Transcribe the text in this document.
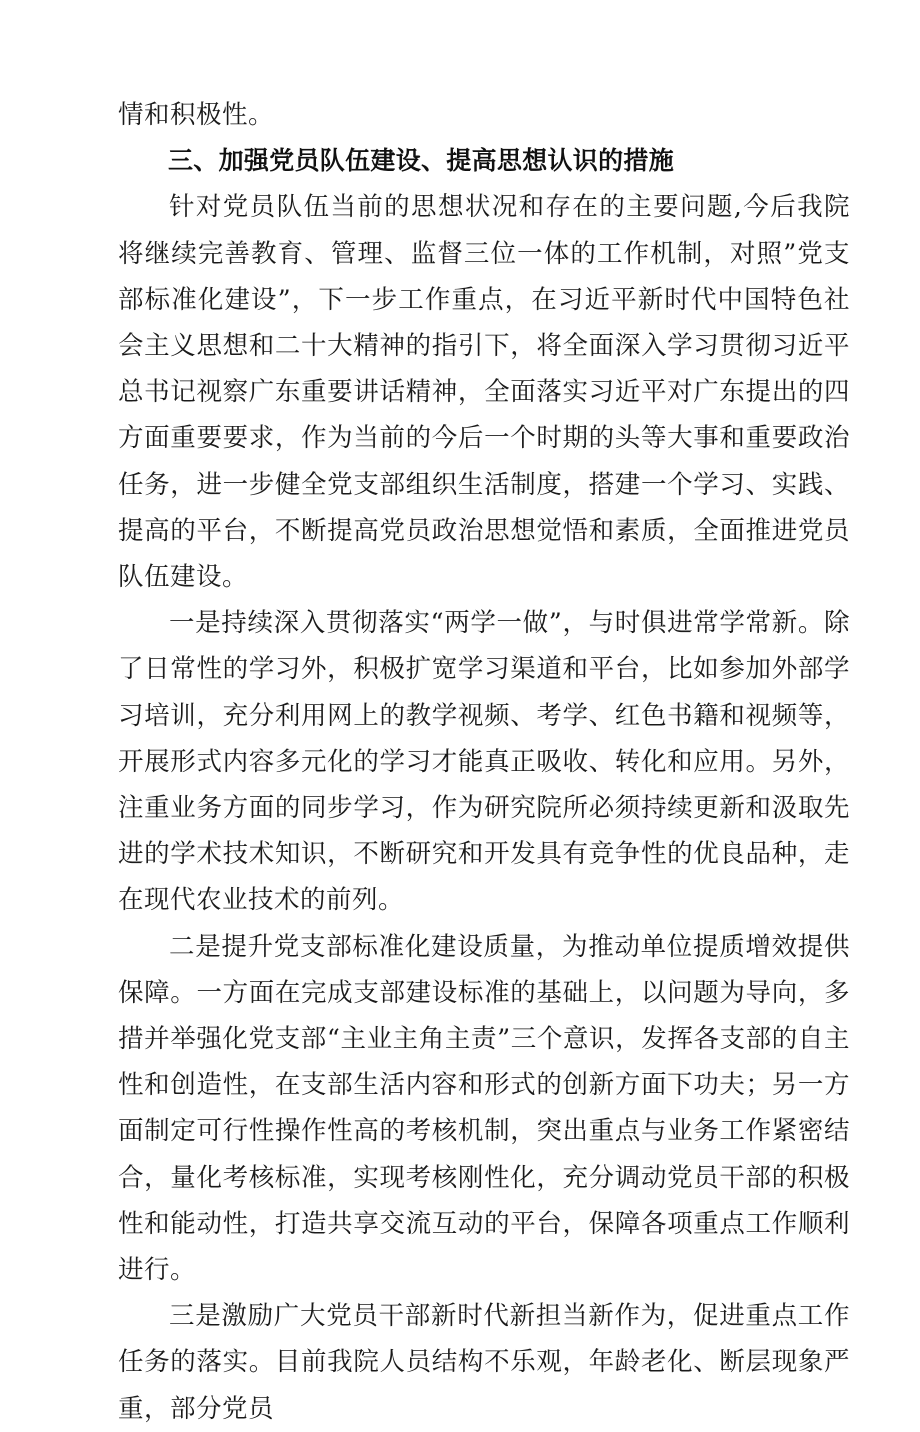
情和积极性。

三、加强党员队伍建设、提高思想认识的措施

针对党员队伍当前的思想状况和存在的主要问题,今后我院将继续完善教育、管理、监督三位一体的工作机制，对照”党支部标准化建设”，下一步工作重点，在习近平新时代中国特色社会主义思想和二十大精神的指引下，将全面深入学习贯彻习近平总书记视察广东重要讲话精神，全面落实习近平对广东提出的四方面重要要求，作为当前的今后一个时期的头等大事和重要政治任务，进一步健全党支部组织生活制度，搭建一个学习、实践、提高的平台，不断提高党员政治思想觉悟和素质，全面推进党员队伍建设。

一是持续深入贯彻落实“两学一做”，与时俱进常学常新。除了日常性的学习外，积极扩宽学习渠道和平台，比如参加外部学习培训，充分利用网上的教学视频、考学、红色书籍和视频等，开展形式内容多元化的学习才能真正吸收、转化和应用。另外，注重业务方面的同步学习，作为研究院所必须持续更新和汲取先进的学术技术知识，不断研究和开发具有竞争性的优良品种，走在现代农业技术的前列。

二是提升党支部标准化建设质量，为推动单位提质增效提供保障。一方面在完成支部建设标准的基础上，以问题为导向，多措并举强化党支部“主业主角主责”三个意识，发挥各支部的自主性和创造性，在支部生活内容和形式的创新方面下功夫；另一方面制定可行性操作性高的考核机制，突出重点与业务工作紧密结合，量化考核标准，实现考核刚性化，充分调动党员干部的积极性和能动性，打造共享交流互动的平台，保障各项重点工作顺利进行。

三是激励广大党员干部新时代新担当新作为，促进重点工作任务的落实。目前我院人员结构不乐观，年龄老化、断层现象严重，部分党员
